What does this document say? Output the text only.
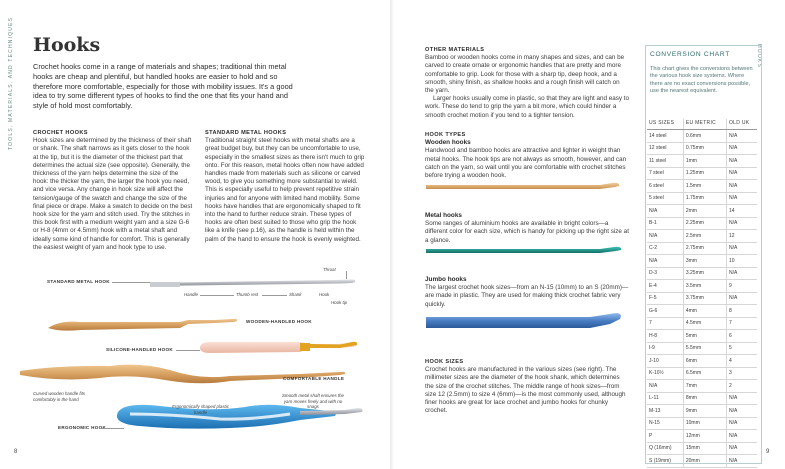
TOOLS, MATERIALS, AND TECHNIQUES	HOOKS
Hooks
Crochet hooks come in a range of materials and shapes; traditional thin metal hooks are cheap and plentiful, but handled hooks are easier to hold and so therefore more comfortable, especially for those with mobility issues. It's a good idea to try some different types of hooks to find the one that fits your hand and style of hold most comfortably.
CROCHET HOOKS
Hook sizes are determined by the thickness of their shaft or shank. The shaft narrows as it gets closer to the hook at the tip, but it is the diameter of the thickest part that determines the actual size (see opposite). Generally, the thickness of the yarn helps determine the size of the hook: the thicker the yarn, the larger the hook you need, and vice versa. Any change in hook size will affect the tension/gauge of the swatch and change the size of the final piece or drape. Make a swatch to decide on the best hook size for the yarn and stitch used. Try the stitches in this book first with a medium weight yarn and a size G-6 or H-8 (4mm or 4.5mm) hook with a metal shaft and ideally some kind of handle for comfort. This is generally the easiest weight of yarn and hook type to use.
STANDARD METAL HOOKS
Traditional straight steel hooks with metal shafts are a great budget buy, but they can be uncomfortable to use, especially in the smallest sizes as there isn't much to grip onto. For this reason, metal hooks often now have added handles made from materials such as silicone or carved wood, to give you something more substantial to wield. This is especially useful to help prevent repetitive strain injuries and for anyone with limited hand mobility. Some hooks have handles that are ergonomically shaped to fit into the hand to further reduce strain. These types of hooks are often best suited to those who grip the hook like a knife (see p.16), as the handle is held within the palm of the hand to ensure the hook is evenly weighted.
STANDARD METAL HOOK
Throat
Handle	Thumb rest	Shank	Hook
Hook tip
WOODEN-HANDLED HOOK
SILICONE-HANDLED HOOK
COMFORTABLE HANDLE
Curved wooden handle fits comfortably in the hand
Ergonomically shaped plastic handle
Smooth metal shaft ensures the yarn moves freely and with no snags
ERGONOMIC HOOK
8
OTHER MATERIALS
Bamboo or wooden hooks come in many shapes and sizes, and can be carved to create ornate or ergonomic handles that are pretty and more comfortable to grip. Look for those with a sharp tip, deep hook, and a smooth, shiny finish, as shallow hooks and a rough finish will catch on the yarn.
Larger hooks usually come in plastic, so that they are light and easy to work. These do tend to grip the yarn a bit more, which could hinder a smooth crochet motion if you tend to a tighter tension.
HOOK TYPES
Wooden hooks
Handwood and bamboo hooks are attractive and lighter in weight than metal hooks. The hook tips are not always as smooth, however, and can catch on the yarn, so wait until you are comfortable with crochet stitches before trying a wooden hook.
Metal hooks
Some ranges of aluminium hooks are available in bright colors—a different color for each size, which is handy for picking up the right size at a glance.
Jumbo hooks
The largest crochet hook sizes—from an N-15 (10mm) to an S (20mm)—are made in plastic. They are used for making thick crochet fabric very quickly.
HOOK SIZES
Crochet hooks are manufactured in the various sizes (see right). The millimeter sizes are the diameter of the hook shank, which determines the size of the crochet stitches. The middle range of hook sizes—from size 12 (2.5mm) to size 4 (6mm)—is the most commonly used, although finer hooks are great for lace crochet and jumbo hooks for chunky crochet.
CONVERSION CHART
This chart gives the conversions between the various hook size systems. Where there are no exact conversions possible, use the nearest equivalent.
US SIZES	EU METRIC	OLD UK
14 steel	0.6mm	N/A
12 steel	0.75mm	N/A
11 steel	1mm	N/A
7 steel	1.25mm	N/A
6 steel	1.5mm	N/A
5 steel	1.75mm	N/A
N/A	2mm	14
B-1	2.25mm	N/A
N/A	2.5mm	12
C-2	2.75mm	N/A
N/A	3mm	10
D-3	3.25mm	N/A
E-4	3.5mm	9
F-5	3.75mm	N/A
G-6	4mm	8
7	4.5mm	7
H-8	5mm	6
I-9	5.5mm	5
J-10	6mm	4
K-10½	6.5mm	3
N/A	7mm	2
L-11	8mm	N/A
M-13	9mm	N/A
N-15	10mm	N/A
P	12mm	N/A
Q (16mm)	15mm	N/A
S (19mm)	20mm	N/A
9
